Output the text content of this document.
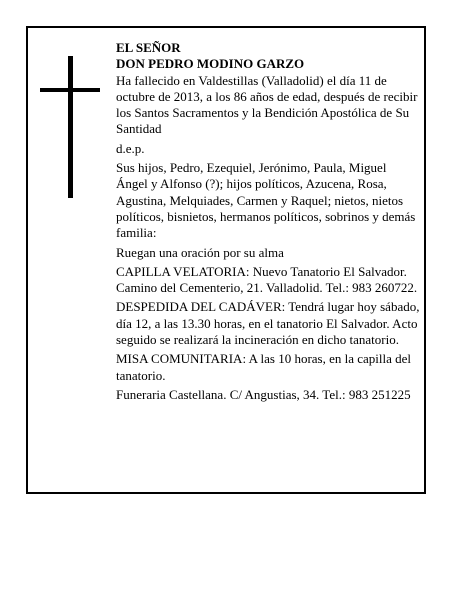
EL SEÑOR

DON PEDRO MODINO GARZO

Ha fallecido en Valdestillas (Valladolid) el día 11 de octubre de 2013, a los 86 años de edad, después de recibir los Santos Sacramentos y la Bendición Apostólica de Su Santidad

d.e.p.

Sus hijos, Pedro, Ezequiel, Jerónimo, Paula, Miguel Ángel y Alfonso (?); hijos políticos, Azucena, Rosa, Agustina, Melquiades, Carmen y Raquel; nietos, nietos políticos, bisnietos, hermanos políticos, sobrinos y demás familia:

Ruegan una oración por su alma

CAPILLA VELATORIA: Nuevo Tanatorio El Salvador. Camino del Cementerio, 21. Valladolid. Tel.: 983 260722.

DESPEDIDA DEL CADÁVER: Tendrá lugar hoy sábado, día 12, a las 13.30 horas, en el tanatorio El Salvador. Acto seguido se realizará la incineración en dicho tanatorio.

MISA COMUNITARIA: A las 10 horas, en la capilla del tanatorio.

Funeraria Castellana. C/ Angustias, 34. Tel.: 983 251225
